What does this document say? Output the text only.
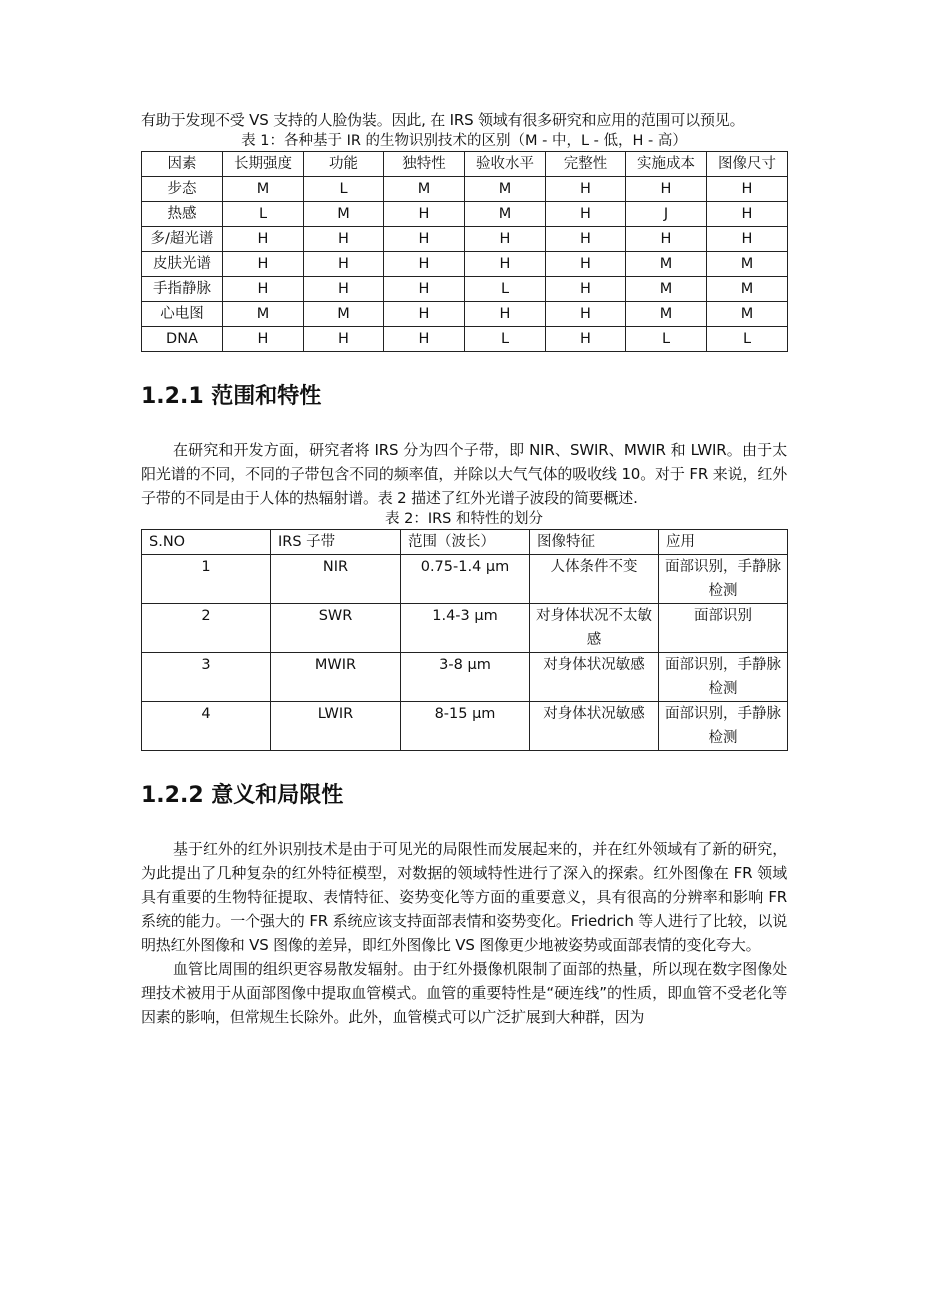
有助于发现不受 VS 支持的人脸伪装。因此, 在 IRS 领域有很多研究和应用的范围可以预见。

表 1：各种基于 IR 的生物识别技术的区别（M - 中，L - 低，H - 高）

因素	长期强度	功能	独特性	验收水平	完整性	实施成本	图像尺寸
步态	M	L	M	M	H	H	H
热感	L	M	H	M	H	J	H
多/超光谱	H	H	H	H	H	H	H
皮肤光谱	H	H	H	H	H	M	M
手指静脉	H	H	H	L	H	M	M
心电图	M	M	H	H	H	M	M
DNA	H	H	H	L	H	L	L
1.2.1 范围和特性

在研究和开发方面，研究者将 IRS 分为四个子带，即 NIR、SWIR、MWIR 和 LWIR。由于太阳光谱的不同，不同的子带包含不同的频率值，并除以大气气体的吸收线 10。对于 FR 来说，红外子带的不同是由于人体的热辐射谱。表 2 描述了红外光谱子波段的简要概述.

表 2：IRS 和特性的划分

S.NO	IRS 子带	范围（波长）	图像特征	应用
1	NIR	0.75-1.4 μm	人体条件不变	面部识别，手静脉检测
2	SWR	1.4-3 μm	对身体状况不太敏感	面部识别
3	MWIR	3-8 μm	对身体状况敏感	面部识别，手静脉检测
4	LWIR	8-15 μm	对身体状况敏感	面部识别，手静脉检测
1.2.2 意义和局限性

基于红外的红外识别技术是由于可见光的局限性而发展起来的，并在红外领域有了新的研究，为此提出了几种复杂的红外特征模型，对数据的领域特性进行了深入的探索。红外图像在 FR 领域具有重要的生物特征提取、表情特征、姿势变化等方面的重要意义，具有很高的分辨率和影响 FR 系统的能力。一个强大的 FR 系统应该支持面部表情和姿势变化。Friedrich 等人进行了比较，以说明热红外图像和 VS 图像的差异，即红外图像比 VS 图像更少地被姿势或面部表情的变化夸大。

血管比周围的组织更容易散发辐射。由于红外摄像机限制了面部的热量，所以现在数字图像处理技术被用于从面部图像中提取血管模式。血管的重要特性是“硬连线”的性质，即血管不受老化等因素的影响，但常规生长除外。此外，血管模式可以广泛扩展到大种群，因为
